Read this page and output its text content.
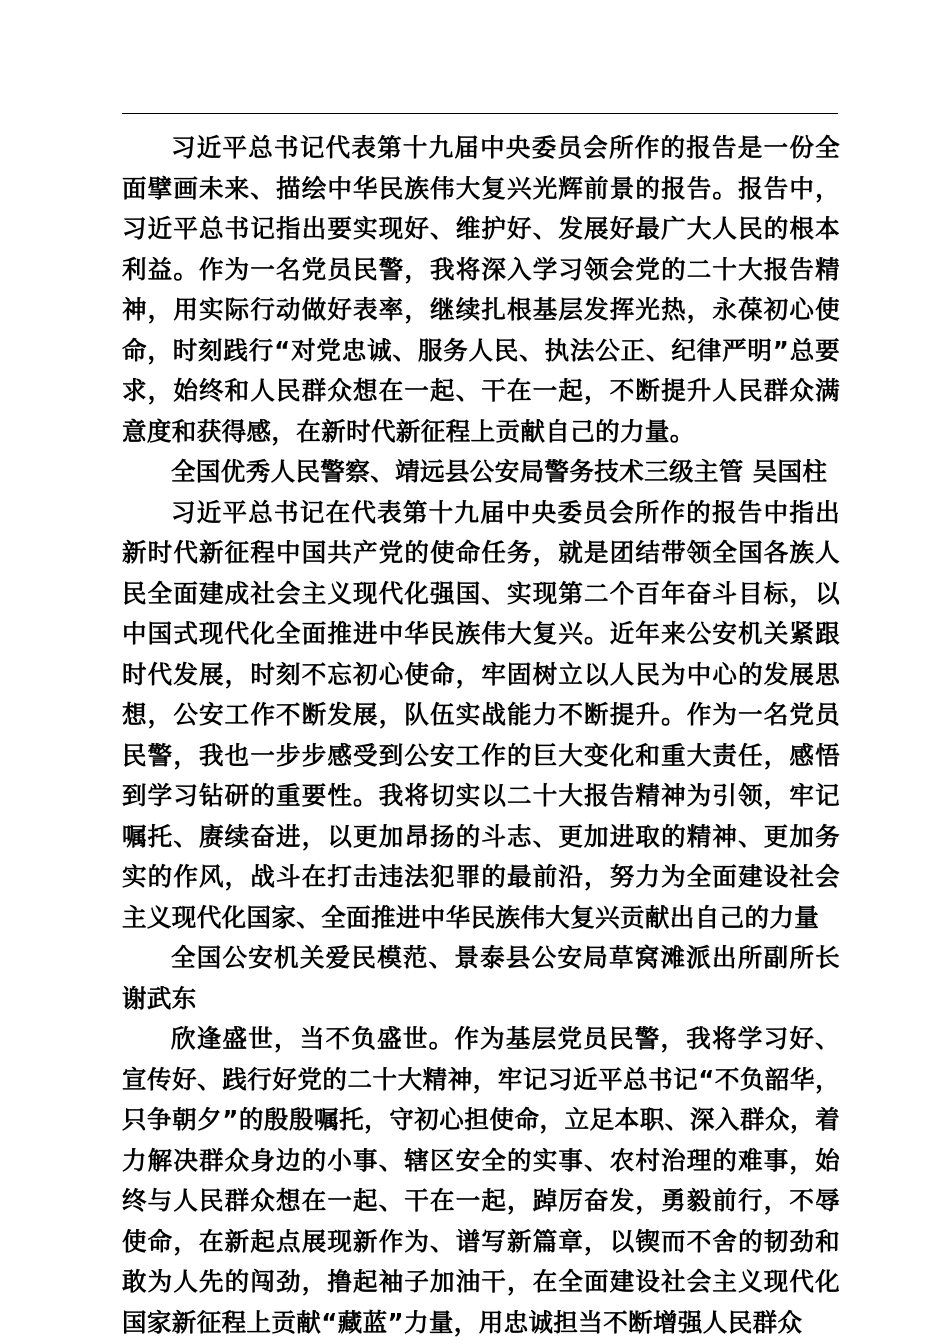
习近平总书记代表第十九届中央委员会所作的报告是一份全面擘画未来、描绘中华民族伟大复兴光辉前景的报告。报告中，习近平总书记指出要实现好、维护好、发展好最广大人民的根本利益。作为一名党员民警，我将深入学习领会党的二十大报告精神，用实际行动做好表率，继续扎根基层发挥光热，永葆初心使命，时刻践行“对党忠诚、服务人民、执法公正、纪律严明”总要求，始终和人民群众想在一起、干在一起，不断提升人民群众满意度和获得感，在新时代新征程上贡献自己的力量。

全国优秀人民警察、靖远县公安局警务技术三级主管 吴国柱

习近平总书记在代表第十九届中央委员会所作的报告中指出新时代新征程中国共产党的使命任务，就是团结带领全国各族人民全面建成社会主义现代化强国、实现第二个百年奋斗目标，以中国式现代化全面推进中华民族伟大复兴。近年来公安机关紧跟时代发展，时刻不忘初心使命，牢固树立以人民为中心的发展思想，公安工作不断发展，队伍实战能力不断提升。作为一名党员民警，我也一步步感受到公安工作的巨大变化和重大责任，感悟到学习钻研的重要性。我将切实以二十大报告精神为引领，牢记嘱托、赓续奋进，以更加昂扬的斗志、更加进取的精神、更加务实的作风，战斗在打击违法犯罪的最前沿，努力为全面建设社会主义现代化国家、全面推进中华民族伟大复兴贡献出自己的力量

全国公安机关爱民模范、景泰县公安局草窝滩派出所副所长 谢武东

欣逢盛世，当不负盛世。作为基层党员民警，我将学习好、宣传好、践行好党的二十大精神，牢记习近平总书记“不负韶华，只争朝夕”的殷殷嘱托，守初心担使命，立足本职、深入群众，着力解决群众身边的小事、辖区安全的实事、农村治理的难事，始终与人民群众想在一起、干在一起，踔厉奋发，勇毅前行，不辱使命，在新起点展现新作为、谱写新篇章，以锲而不舍的韧劲和敢为人先的闯劲，撸起袖子加油干，在全面建设社会主义现代化国家新征程上贡献“藏蓝”力量，用忠诚担当不断增强人民群众
